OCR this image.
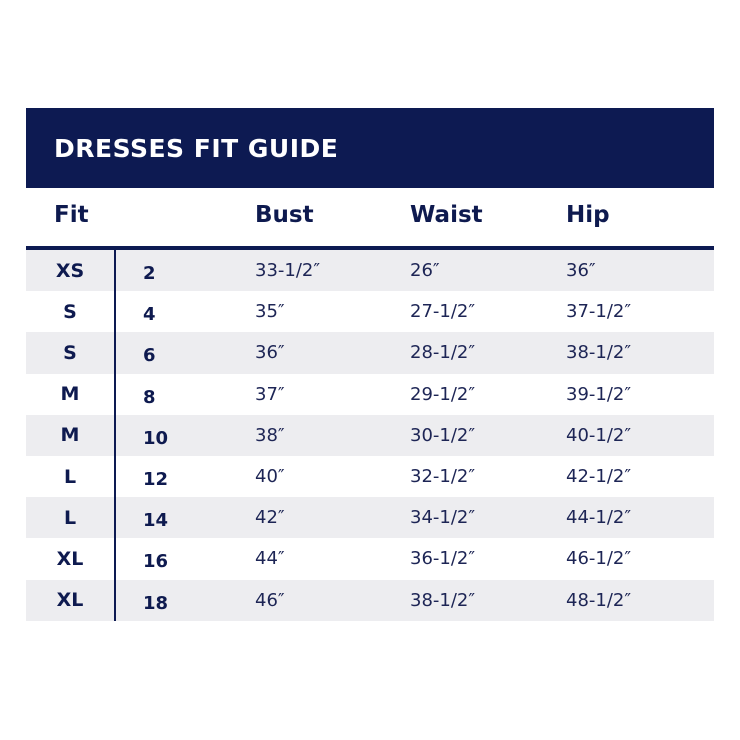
DRESSES FIT GUIDE
Fit	Bust	Waist	Hip
XS	2	33-1/2″	26″	36″
S	4	35″	27-1/2″	37-1/2″
S	6	36″	28-1/2″	38-1/2″
M	8	37″	29-1/2″	39-1/2″
M	10	38″	30-1/2″	40-1/2″
L	12	40″	32-1/2″	42-1/2″
L	14	42″	34-1/2″	44-1/2″
XL	16	44″	36-1/2″	46-1/2″
XL	18	46″	38-1/2″	48-1/2″
